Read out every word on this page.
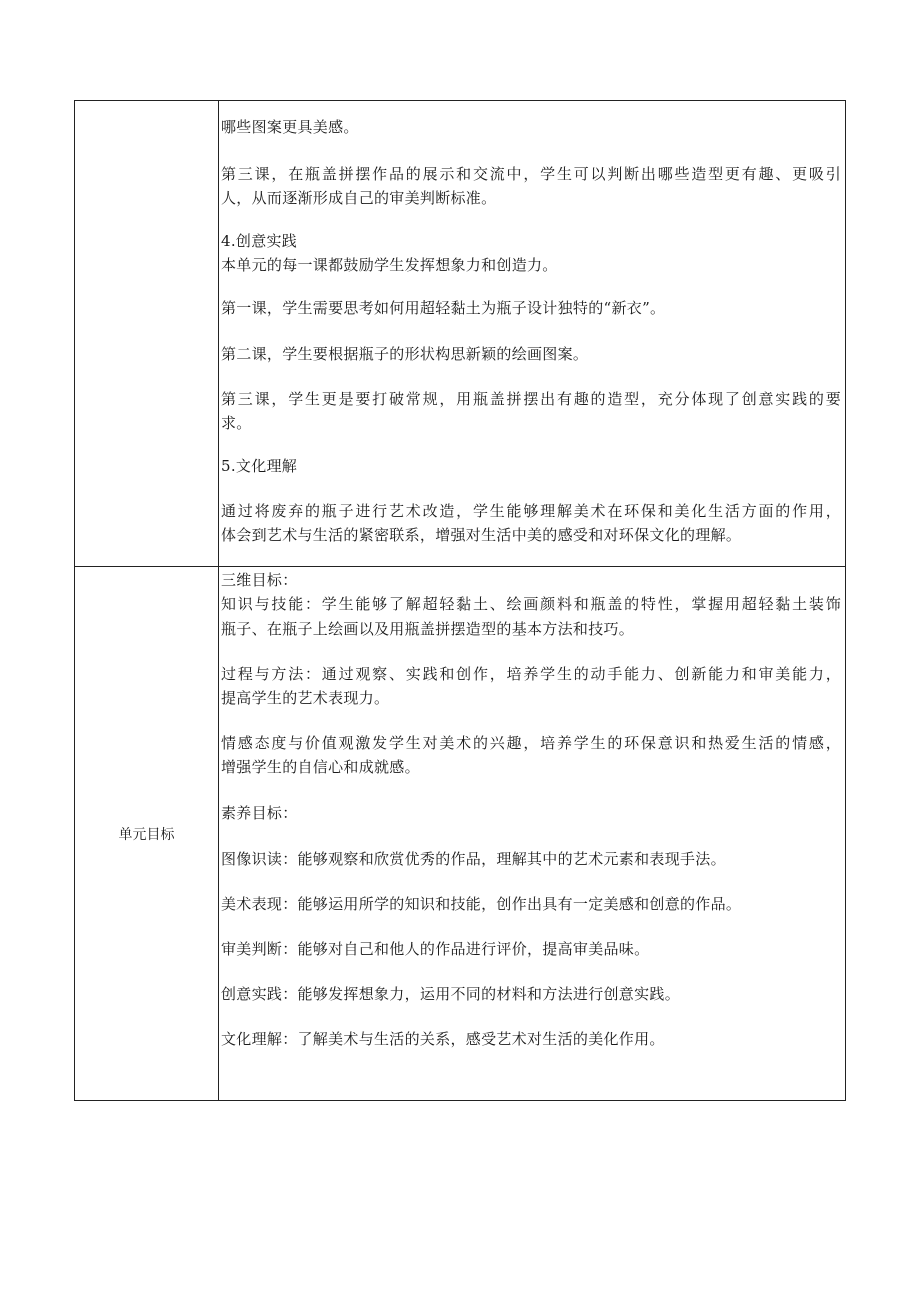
哪些图案更具美感。
第三课，在瓶盖拼摆作品的展示和交流中，学生可以判断出哪些造型更有趣、更吸引
人，从而逐渐形成自己的审美判断标准。
4.创意实践
本单元的每一课都鼓励学生发挥想象力和创造力。
第一课，学生需要思考如何用超轻黏土为瓶子设计独特的“新衣”。
第二课，学生要根据瓶子的形状构思新颖的绘画图案。
第三课，学生更是要打破常规，用瓶盖拼摆出有趣的造型，充分体现了创意实践的要
求。
5.文化理解
通过将废弃的瓶子进行艺术改造，学生能够理解美术在环保和美化生活方面的作用，
体会到艺术与生活的紧密联系，增强对生活中美的感受和对环保文化的理解。
单元目标
三维目标：
知识与技能：学生能够了解超轻黏土、绘画颜料和瓶盖的特性，掌握用超轻黏土装饰
瓶子、在瓶子上绘画以及用瓶盖拼摆造型的基本方法和技巧。
过程与方法：通过观察、实践和创作，培养学生的动手能力、创新能力和审美能力，
提高学生的艺术表现力。
情感态度与价值观激发学生对美术的兴趣，培养学生的环保意识和热爱生活的情感，
增强学生的自信心和成就感。
素养目标：
图像识读：能够观察和欣赏优秀的作品，理解其中的艺术元素和表现手法。
美术表现：能够运用所学的知识和技能，创作出具有一定美感和创意的作品。
审美判断：能够对自己和他人的作品进行评价，提高审美品味。
创意实践：能够发挥想象力，运用不同的材料和方法进行创意实践。
文化理解：了解美术与生活的关系，感受艺术对生活的美化作用。
